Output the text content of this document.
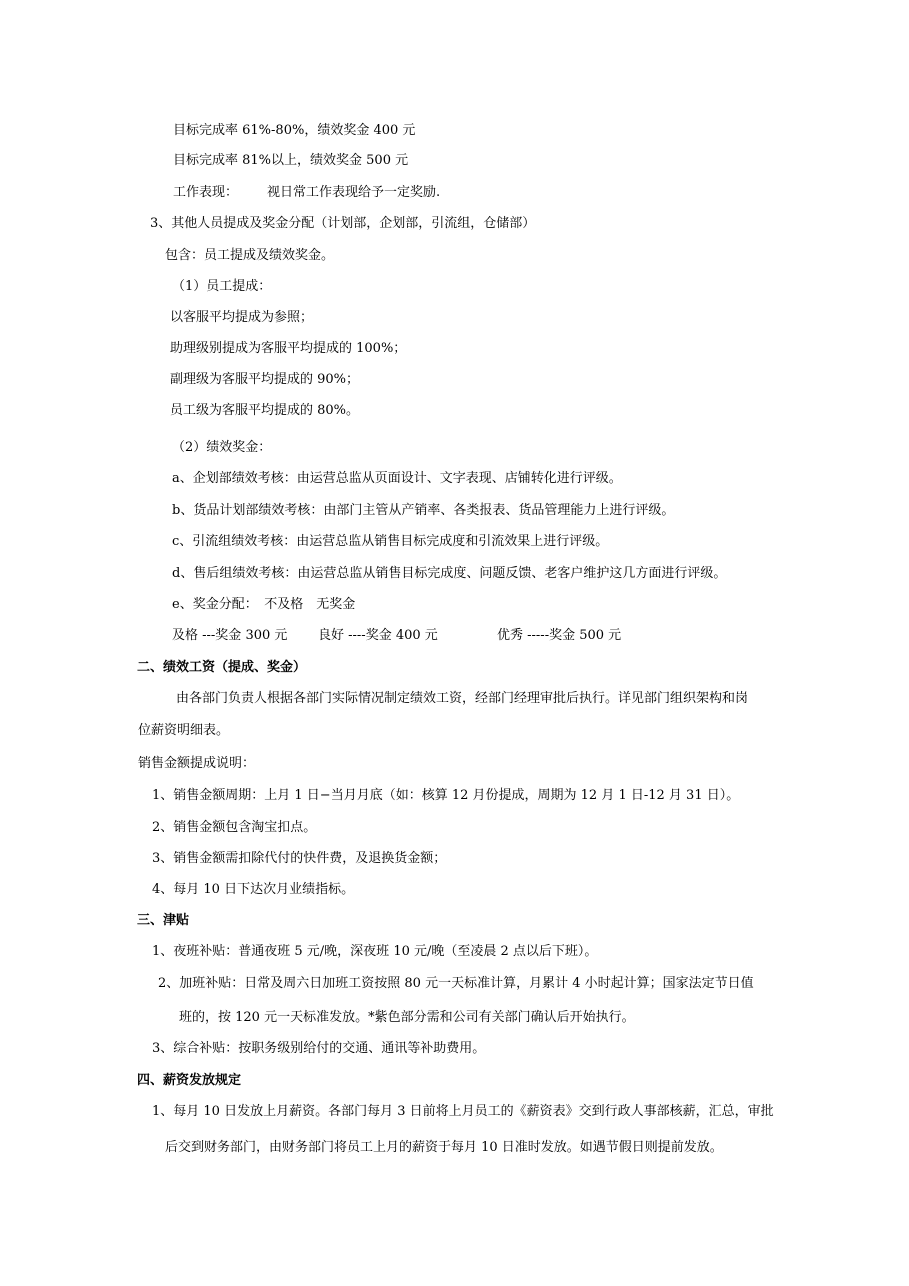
目标完成率 61%-80%，绩效奖金 400 元
目标完成率 81%以上，绩效奖金 500 元
工作表现： 视日常工作表现给予一定奖励.
3、其他人员提成及奖金分配（计划部，企划部，引流组，仓储部）
包含：员工提成及绩效奖金。
（1）员工提成：
以客服平均提成为参照；
助理级别提成为客服平均提成的 100%；
副理级为客服平均提成的 90%；
员工级为客服平均提成的 80%。
（2）绩效奖金：
a、企划部绩效考核：由运营总监从页面设计、文字表现、店铺转化进行评级。
b、货品计划部绩效考核：由部门主管从产销率、各类报表、货品管理能力上进行评级。
c、引流组绩效考核：由运营总监从销售目标完成度和引流效果上进行评级。
d、售后组绩效考核：由运营总监从销售目标完成度、问题反馈、老客户维护这几方面进行评级。
e、奖金分配：　不及格　无奖金
及格 ---奖金 300 元 良好 ----奖金 400 元	优秀 -----奖金 500 元
二、绩效工资（提成、奖金）
由各部门负责人根据各部门实际情况制定绩效工资，经部门经理审批后执行。详见部门组织架构和岗
位薪资明细表。
销售金额提成说明：
1、销售金额周期：上月 1 日−当月月底（如：核算 12 月份提成，周期为 12 月 1 日-12 月 31 日）。
2、销售金额包含淘宝扣点。
3、销售金额需扣除代付的快件费，及退换货金额；
4、每月 10 日下达次月业绩指标。
三、津贴
1、夜班补贴：普通夜班 5 元/晚，深夜班 10 元/晚（至凌晨 2 点以后下班）。
2、加班补贴：日常及周六日加班工资按照 80 元一天标准计算，月累计 4 小时起计算；国家法定节日值
班的，按 120 元一天标准发放。*紫色部分需和公司有关部门确认后开始执行。
3、综合补贴：按职务级别给付的交通、通讯等补助费用。
四、薪资发放规定
1、每月 10 日发放上月薪资。各部门每月 3 日前将上月员工的《薪资表》交到行政人事部核薪，汇总，审批
后交到财务部门，由财务部门将员工上月的薪资于每月 10 日准时发放。如遇节假日则提前发放。
